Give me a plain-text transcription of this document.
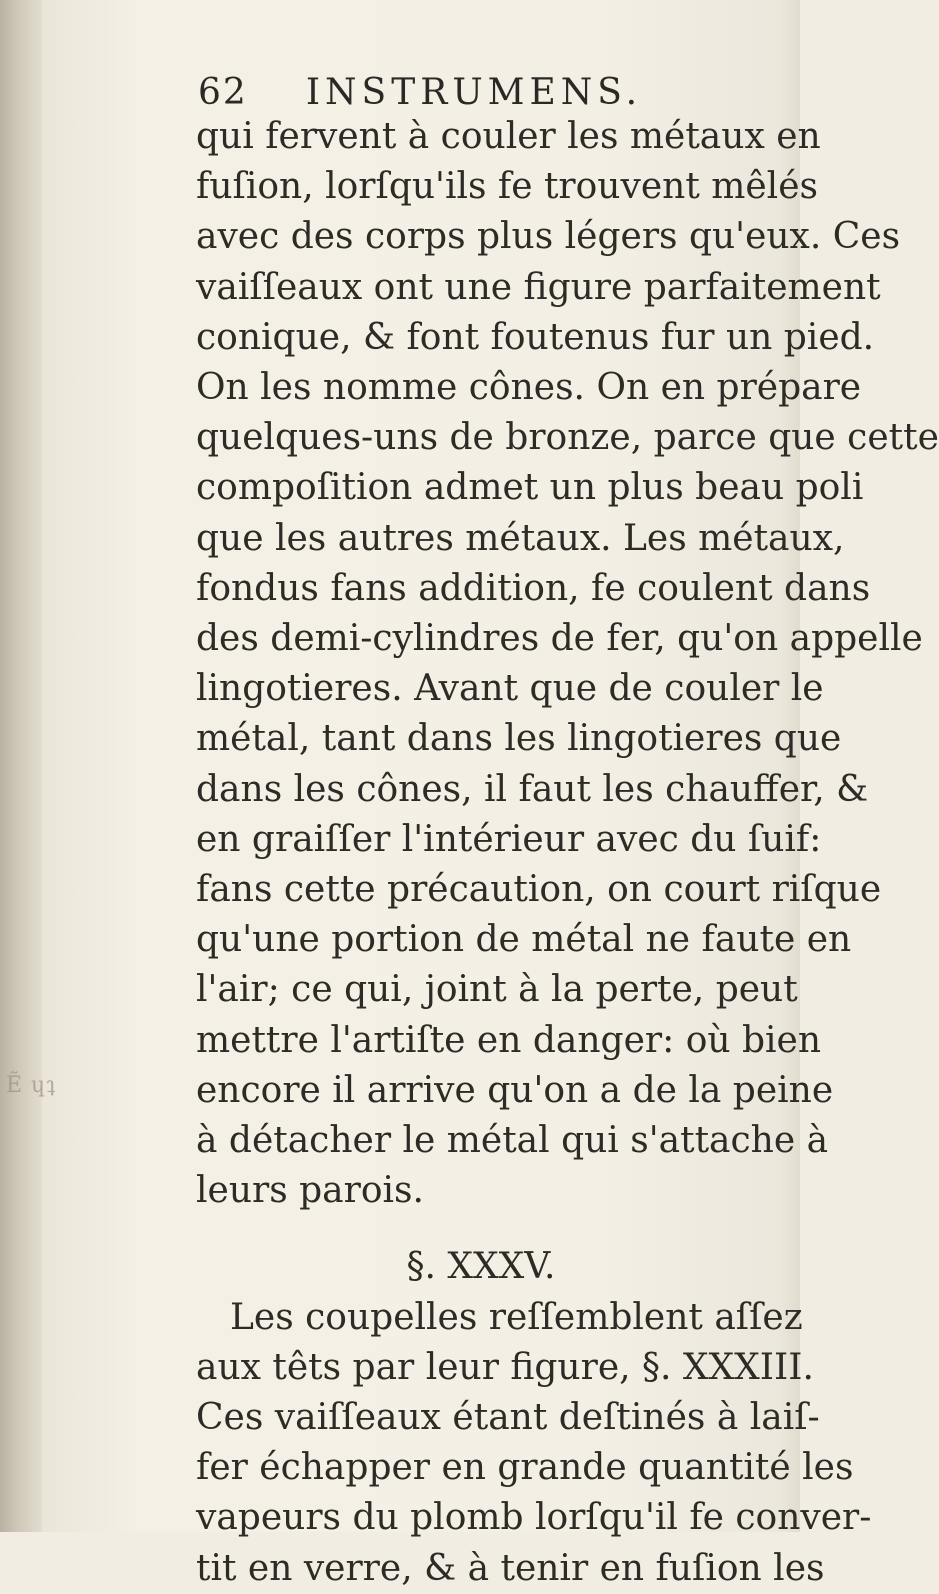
Ẽ ɥʇ
62 INSTRUMENS.
qui fervent à couler les métaux en
fuſion, lorſqu'ils fe trouvent mêlés
avec des corps plus légers qu'eux. Ces
vaiſſeaux ont une figure parfaitement
conique, & font foutenus fur un pied.
On les nomme cônes. On en prépare
quelques-uns de bronze, parce que cette
compoſition admet un plus beau poli
que les autres métaux. Les métaux,
fondus fans addition, fe coulent dans
des demi-cylindres de fer, qu'on appelle
lingotieres. Avant que de couler le
métal, tant dans les lingotieres que
dans les cônes, il faut les chauffer, &
en graiſſer l'intérieur avec du ſuif:
fans cette précaution, on court riſque
qu'une portion de métal ne faute en
l'air; ce qui, joint à la perte, peut
mettre l'artiſte en danger: où bien
encore il arrive qu'on a de la peine
à détacher le métal qui s'attache à
leurs parois.
§. XXXV.
Les coupelles reſſemblent aſſez
aux têts par leur figure, §. XXXIII.
Ces vaiſſeaux étant deſtinés à laiſ-
fer échapper en grande quantité les
vapeurs du plomb lorſqu'il fe conver-
tit en verre, & à tenir en fuſion les
